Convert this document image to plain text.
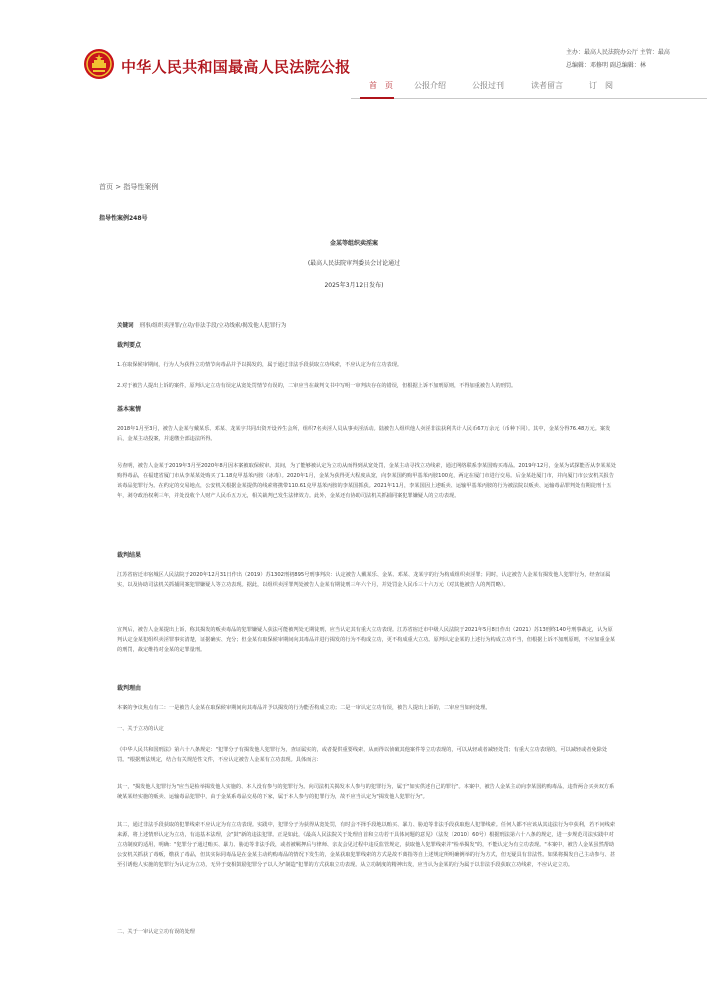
中华人民共和国最高人民法院公报
主办：最高人民法院办公厅 主管：最高
总编辑：邓修明 副总编辑：林
首　页	公报介绍	公报过刊	读者留言	订　阅
首页 > 指导性案例
指导性案例248号
金某等组织卖淫案
(最高人民法院审判委员会讨论通过
2025年3月12日发布)
关键词 刑事/组织卖淫罪/立功/非法手段/立功线索/揭发他人犯罪行为
裁判要点
1.在取保候审期间，行为人为获得立功情节向毒品并予以揭发的，属于通过非法手段获取立功线索，不应认定为有立功表现。
2.对于被告人提出上诉的案件，原判认定立功有误定从宽处罚情节有误的，二审应当在裁判文书中写明一审判决存在的错误，但根据上诉不加刑原则，不得加重被告人的刑罚。
基本案情
2018年1月至3月，被告人金某与戴某乐、邓某、龙某宇共同出资开设养生会所，组织7名卖淫人员从事卖淫活动。陆被告人组织他人卖淫非法获利共计人民币67万余元（币种下同）。其中，金某分得76.48万元。案发后，金某主动投案，并退缴全部违法所得。
另查明，被告人金某于2019年3月至2020年8月因本案被取保候审。其间，为了能够被认定为立功从而得到从宽处罚，金某主动寻找立功线索，通过网络联系李某国购买毒品。2019年12月，金某为试探能否从李某某处购得毒品，在福建省厦门市从李某某处购买了1.18克甲基苯丙胺（冰毒）。2020年1月，金某为获得更大程度从宽，向李某国约购甲基苯丙胺100克，两定在厦门市进行交易。后金某赴厦门市，并向厦门市公安机关报告该毒品犯罪行为。在约定的交易地点，公安机关根据金某提供的线索将携带110.61克甲基苯丙胺的李某国抓获。2021年11月，李某国因上述贩卖、运输甲基苯丙胺的行为被法院以贩卖、运输毒品罪判处有期徒刑十五年，剥夺政治权利三年，并处没收个人财产人民币五万元，相关裁判已发生法律效力。此外，金某还有协助司法机关抓捕同案犯罪嫌疑人的立功表现。
裁判结果
江苏省宿迁市宿城区人民法院于2020年12月31日作出（2019）苏1302刑初895号刑事判决：认定被告人戴某乐、金某、邓某、龙某宇的行为构成组织卖淫罪；同时，认定被告人金某有揭发他人犯罪行为，经查证属实，以及协助司法机关抓捕同案犯罪嫌疑人等立功表现。据此，以组织卖淫罪判处被告人金某有期徒刑三年六个月，并处罚金人民币三十六万元（对其他被告人的判罚略）。
宣判后，被告人金某提出上诉，称其揭发的贩卖毒品的犯罪嫌疑人获法可能被判处无期徒刑，应当认定其有重大立功表现。江苏省宿迁市中级人民法院于2021年5月8日作出（2021）苏13刑终140号刑事裁定，认为原判认定金某犯组织卖淫罪事实清楚，证据确实、充分；但金某有取保候审期间向其毒品并进行揭发的行为不构成立功，更不构成重大立功。原判认定金某的上述行为构成立功不当，但根据上诉不加刑原则，不应加重金某的刑罚，裁定维持对金某的定罪量刑。
裁判理由
本案的争议焦点有二：一是被告人金某在取保候审期间向其毒品并予以揭发的行为能否构成立功；二是一审认定立功有误，被告人提出上诉的，二审应当如何处理。
一、关于立功的认定
《中华人民共和国刑法》第六十八条规定："犯罪分子有揭发他人犯罪行为，查证属实的，或者提供重要线索，从而得以侦破其他案件等立功表现的，可以从轻或者减轻处罚；有重大立功表现的，可以减轻或者免除处罚。"根据刑法规定，结合有关规范性文件，不应认定被告人金某有立功表现。具体而言：
其一，"揭发他人犯罪行为"应当是检举揭发他人实施的、本人没有参与的犯罪行为。向司法机关揭发本人参与的犯罪行为，属于"如实供述自己的罪行"。本案中，被告人金某主动向李某国约购毒品，违背两合买卖双方系统某某经实施的贩卖、运输毒品犯罪中，由于金某系毒品交易的下家，属于本人参与的犯罪行为，故不应当认定为"揭发他人犯罪行为"。
其二，通过非法手段获取的犯罪线索不应认定为有立功表现。实践中，犯罪分子为获得从宽处罚，有时会不择手段地以贿买、暴力、胁迫等非法手段获取他人犯罪线索。任何人都不应该从其违法行为中获利，若不问线索来源，将上述情形认定为立功，有违基本法理，会"鼓"新的违法犯罪。正是如此，《最高人民法院关于处理自首和立功若干具体问题的意见》（法发〔2010〕60号）根据刑法第六十八条的规定，进一步规范司法实践中对立功制度的适用，明确："犯罪分子通过贿买、暴力、胁迫等非法手段，或者被羁押后与律师、亲友会见过程中违反监管规定，获取他人犯罪线索并"检举揭发"的，不能认定为有立功表现。"本案中，被告人金某虽然帮助公安机关抓获了毒贩，缴获了毒品，但其实际同毒品是在金某主动约购毒品的情况下发生的，金某获取犯罪线索的方式是故不离指等自上述规定所明确例举的行为方式，但无疑具有非法性。如果将揭发自己主动参与、甚至引诱他人实施的犯罪行为认定为立功，无异于变相鼓励犯罪分子以人为"制造"犯罪的方式获取立功表现。从立功制度的精神出发，应当认为金某的行为属于以非法手段获取立功线索，不应认定立功。
二、关于一审认定立功有误的处理
